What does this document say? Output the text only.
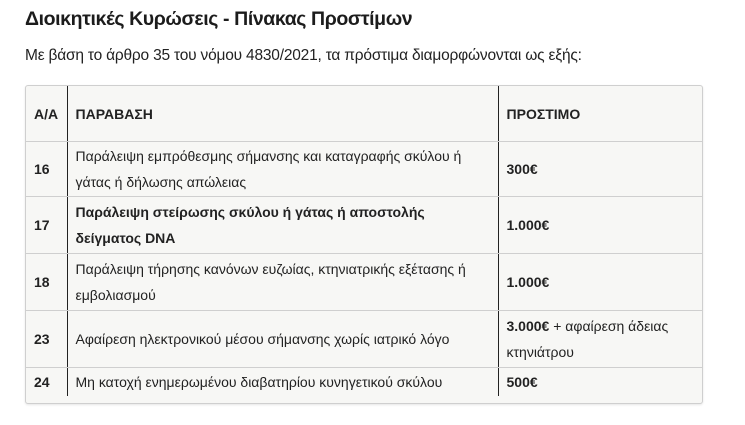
Διοικητικές Κυρώσεις - Πίνακας Προστίμων
Με βάση το άρθρο 35 του νόμου 4830/2021, τα πρόστιμα διαμορφώνονται ως εξής:
Α/Α	ΠΑΡΑΒΑΣΗ	ΠΡΟΣΤΙΜΟ
16	Παράλειψη εμπρόθεσμης σήμανσης και καταγραφής σκύλου ή γάτας ή δήλωσης απώλειας	300€
17	Παράλειψη στείρωσης σκύλου ή γάτας ή αποστολής δείγματος DNA	1.000€
18	Παράλειψη τήρησης κανόνων ευζωίας, κτηνιατρικής εξέτασης ή εμβολιασμού	1.000€
23	Αφαίρεση ηλεκτρονικού μέσου σήμανσης χωρίς ιατρικό λόγο	3.000€ + αφαίρεση άδειας κτηνιάτρου
24	Μη κατοχή ενημερωμένου διαβατηρίου κυνηγετικού σκύλου	500€
